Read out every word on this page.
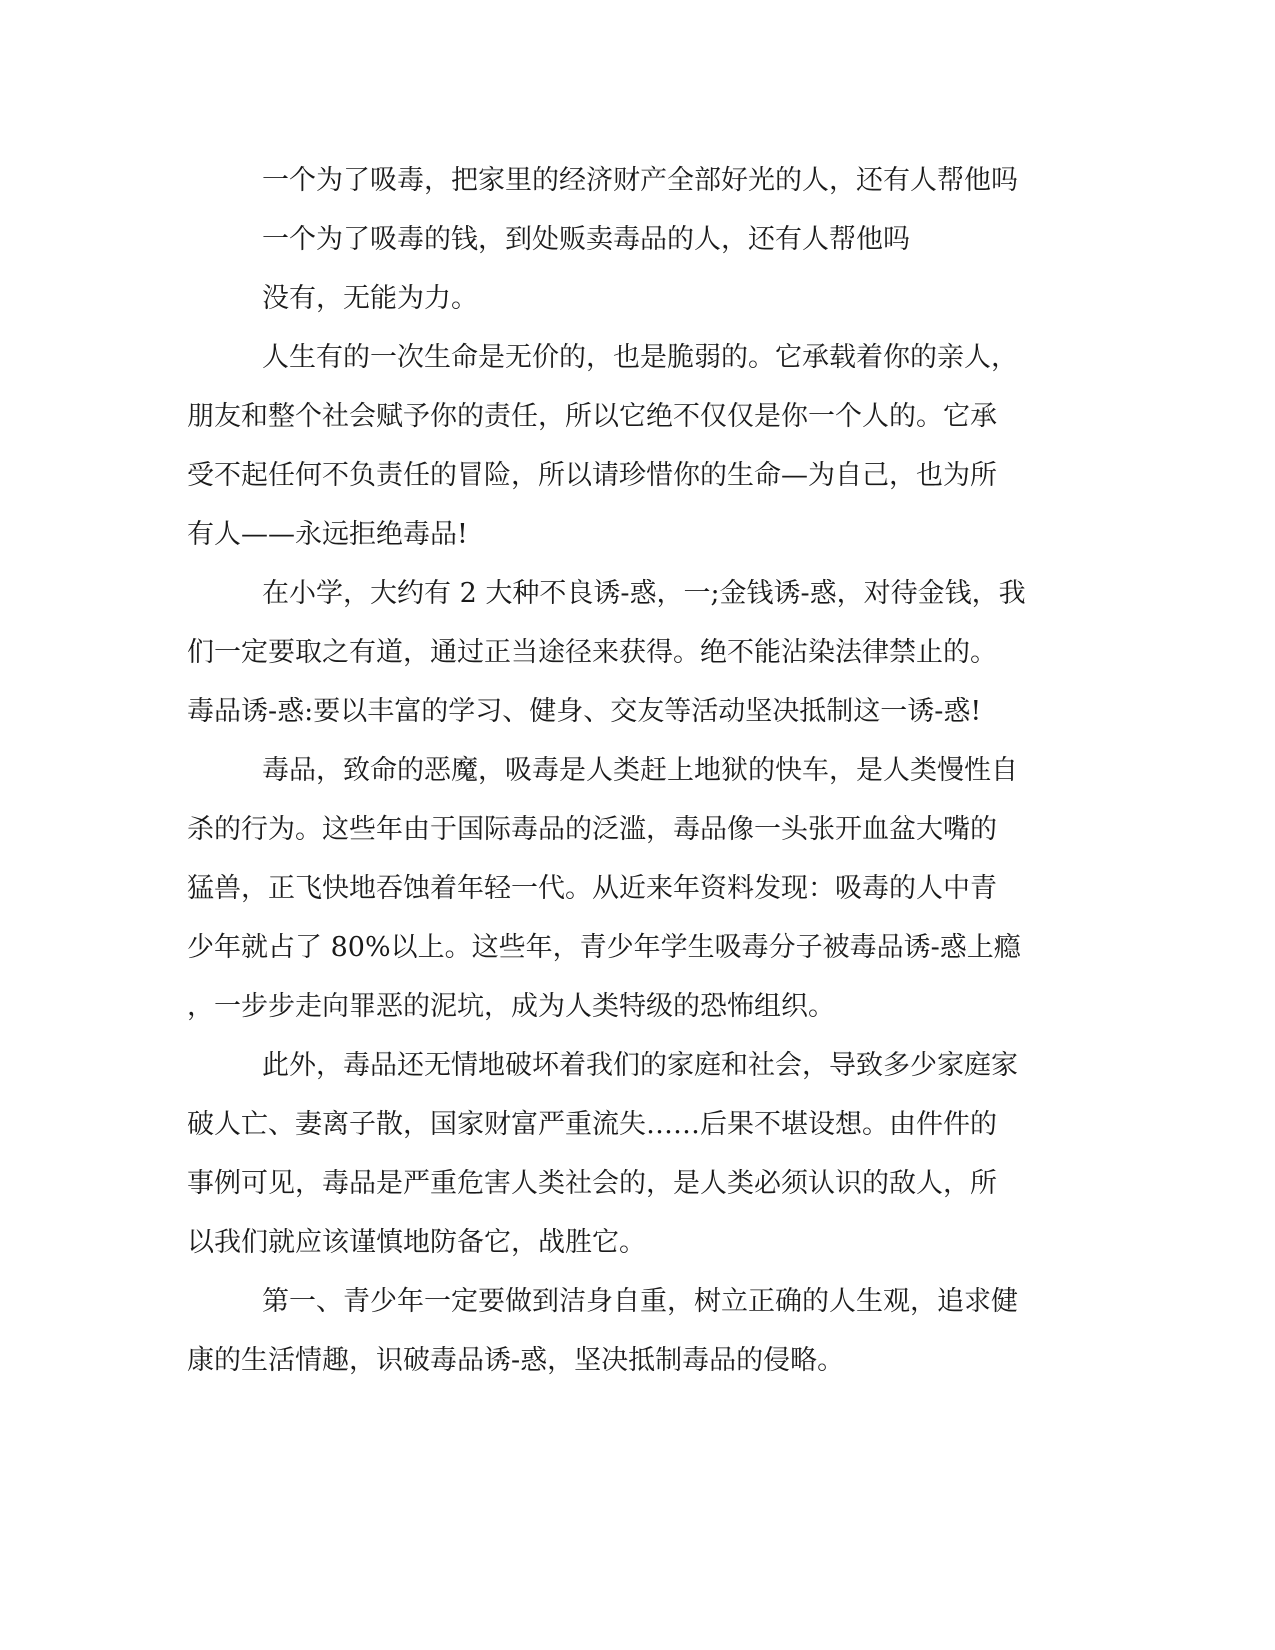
一个为了吸毒，把家里的经济财产全部好光的人，还有人帮他吗
一个为了吸毒的钱，到处贩卖毒品的人，还有人帮他吗
没有，无能为力。
人生有的一次生命是无价的，也是脆弱的。它承载着你的亲人，
朋友和整个社会赋予你的责任，所以它绝不仅仅是你一个人的。它承
受不起任何不负责任的冒险，所以请珍惜你的生命—为自己，也为所
有人——永远拒绝毒品!
在小学，大约有 2 大种不良诱-惑，一;金钱诱-惑，对待金钱，我
们一定要取之有道，通过正当途径来获得。绝不能沾染法律禁止的。
毒品诱-惑:要以丰富的学习、健身、交友等活动坚决抵制这一诱-惑!
毒品，致命的恶魔，吸毒是人类赶上地狱的快车，是人类慢性自
杀的行为。这些年由于国际毒品的泛滥，毒品像一头张开血盆大嘴的
猛兽，正飞快地吞蚀着年轻一代。从近来年资料发现：吸毒的人中青
少年就占了 80%以上。这些年，青少年学生吸毒分子被毒品诱-惑上瘾
，一步步走向罪恶的泥坑，成为人类特级的恐怖组织。
此外，毒品还无情地破坏着我们的家庭和社会，导致多少家庭家
破人亡、妻离子散，国家财富严重流失……后果不堪设想。由件件的
事例可见，毒品是严重危害人类社会的，是人类必须认识的敌人，所
以我们就应该谨慎地防备它，战胜它。
第一、青少年一定要做到洁身自重，树立正确的人生观，追求健
康的生活情趣，识破毒品诱-惑，坚决抵制毒品的侵略。
